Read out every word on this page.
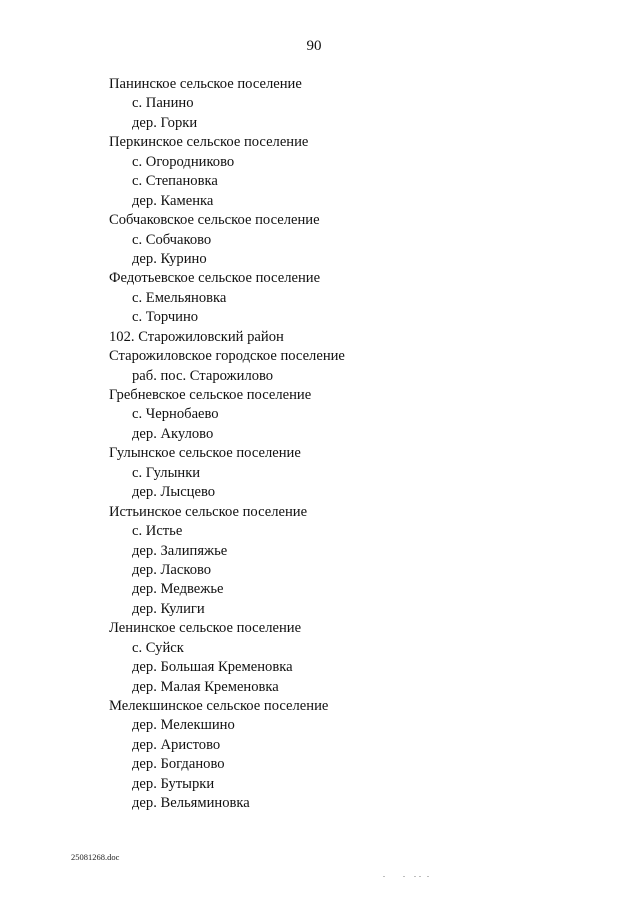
90
Панинское сельское поселение
с. Панино
дер. Горки
Перкинское сельское поселение
с. Огородниково
с. Степановка
дер. Каменка
Собчаковское сельское поселение
с. Собчаково
дер. Курино
Федотьевское сельское поселение
с. Емельяновка
с. Торчино
102. Старожиловский район
Старожиловское городское поселение
раб. пос. Старожилово
Гребневское сельское поселение
с. Чернобаево
дер. Акулово
Гулынское сельское поселение
с. Гулынки
дер. Лысцево
Истьинское сельское поселение
с. Истье
дер. Залипяжье
дер. Ласково
дер. Медвежье
дер. Кулиги
Ленинское сельское поселение
с. Суйск
дер. Большая Кременовка
дер. Малая Кременовка
Мелекшинское сельское поселение
дер. Мелекшино
дер. Аристово
дер. Богданово
дер. Бутырки
дер. Вельяминовка
25081268.doc
